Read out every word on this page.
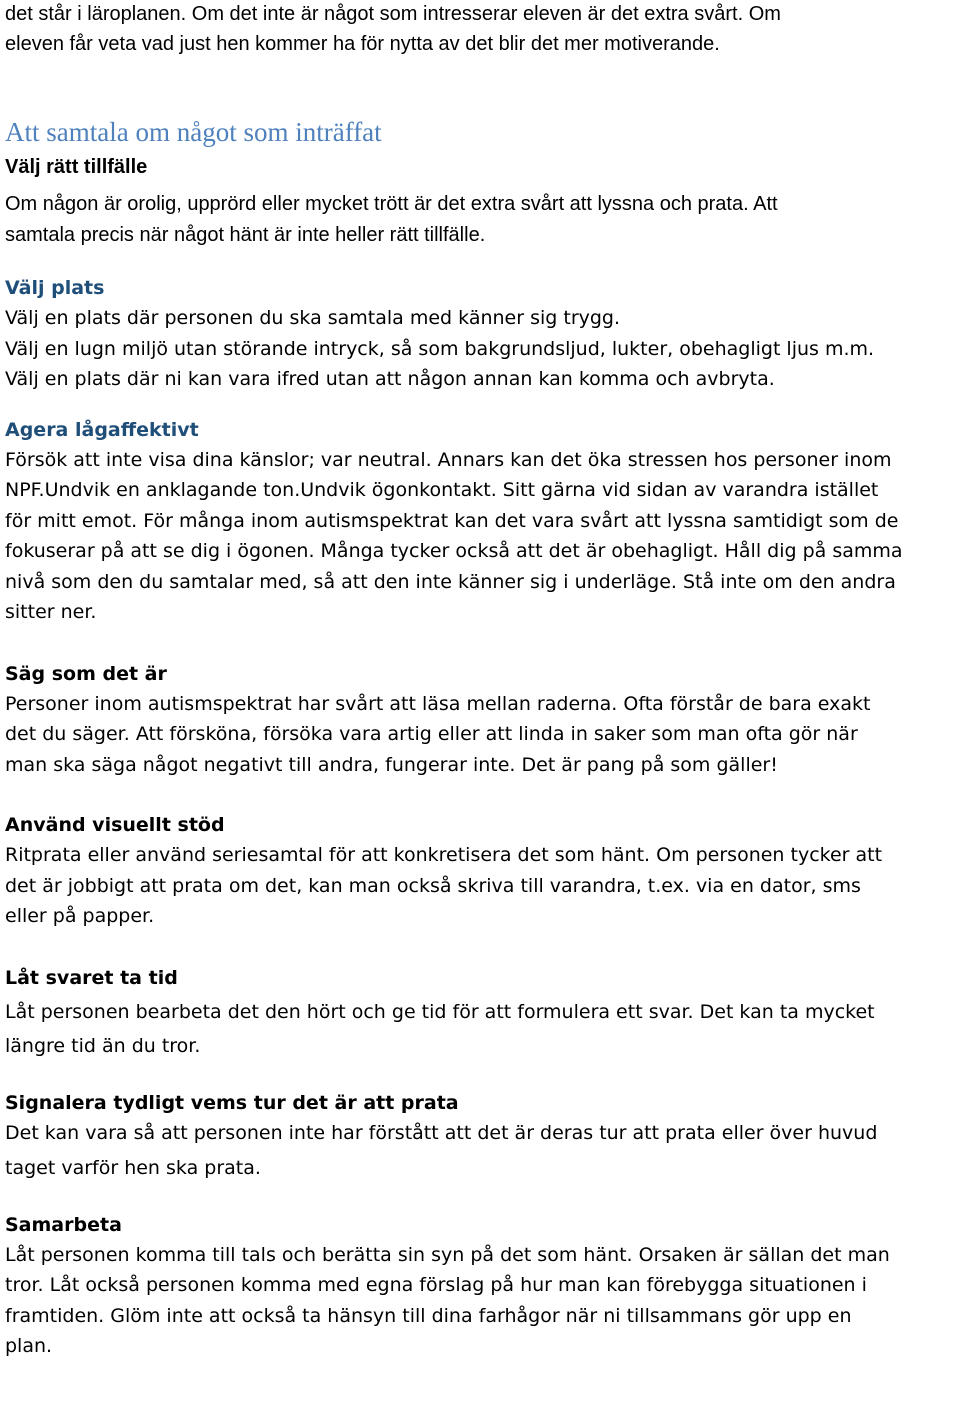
det står i läroplanen. Om det inte är något som intresserar eleven är det extra svårt. Om
eleven får veta vad just hen kommer ha för nytta av det blir det mer motiverande.
Att samtala om något som inträffat
Välj rätt tillfälle
Om någon är orolig, upprörd eller mycket trött är det extra svårt att lyssna och prata. Att
samtala precis när något hänt är inte heller rätt tillfälle.
Välj plats
Välj en plats där personen du ska samtala med känner sig trygg.
Välj en lugn miljö utan störande intryck, så som bakgrundsljud, lukter, obehagligt ljus m.m.
Välj en plats där ni kan vara ifred utan att någon annan kan komma och avbryta.
Agera lågaffektivt
Försök att inte visa dina känslor; var neutral. Annars kan det öka stressen hos personer inom
NPF.Undvik en anklagande ton.Undvik ögonkontakt. Sitt gärna vid sidan av varandra istället
för mitt emot. För många inom autismspektrat kan det vara svårt att lyssna samtidigt som de
fokuserar på att se dig i ögonen. Många tycker också att det är obehagligt. Håll dig på samma
nivå som den du samtalar med, så att den inte känner sig i underläge. Stå inte om den andra
sitter ner.
Säg som det är
Personer inom autismspektrat har svårt att läsa mellan raderna. Ofta förstår de bara exakt
det du säger. Att försköna, försöka vara artig eller att linda in saker som man ofta gör när
man ska säga något negativt till andra, fungerar inte. Det är pang på som gäller!
Använd visuellt stöd
Ritprata eller använd seriesamtal för att konkretisera det som hänt. Om personen tycker att
det är jobbigt att prata om det, kan man också skriva till varandra, t.ex. via en dator, sms
eller på papper.
Låt svaret ta tid
Låt personen bearbeta det den hört och ge tid för att formulera ett svar. Det kan ta mycket
längre tid än du tror.
Signalera tydligt vems tur det är att prata
Det kan vara så att personen inte har förstått att det är deras tur att prata eller över huvud
taget varför hen ska prata.
Samarbeta
Låt personen komma till tals och berätta sin syn på det som hänt. Orsaken är sällan det man
tror. Låt också personen komma med egna förslag på hur man kan förebygga situationen i
framtiden. Glöm inte att också ta hänsyn till dina farhågor när ni tillsammans gör upp en
plan.
